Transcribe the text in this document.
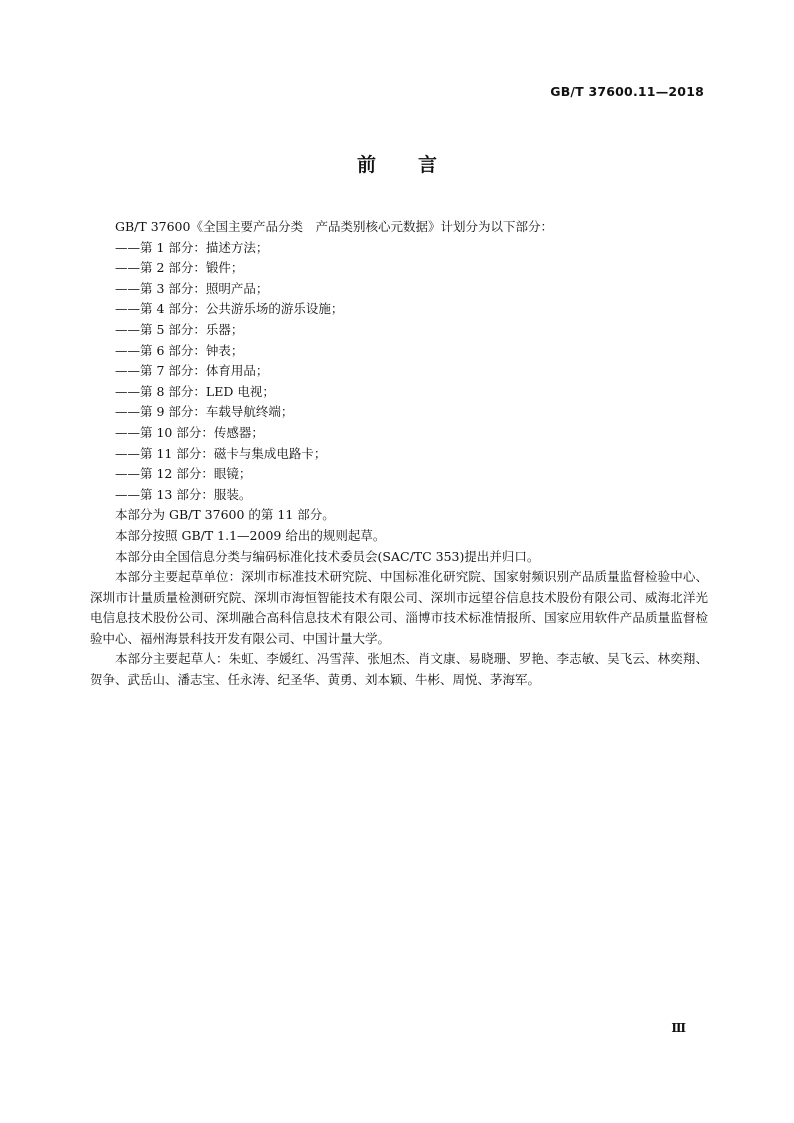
GB/T 37600.11—2018
前言

GB/T 37600《全国主要产品分类　产品类别核心元数据》计划分为以下部分：

——第 1 部分：描述方法；

——第 2 部分：锻件；

——第 3 部分：照明产品；

——第 4 部分：公共游乐场的游乐设施；

——第 5 部分：乐器；

——第 6 部分：钟表；

——第 7 部分：体育用品；

——第 8 部分：LED 电视；

——第 9 部分：车载导航终端；

——第 10 部分：传感器；

——第 11 部分：磁卡与集成电路卡；

——第 12 部分：眼镜；

——第 13 部分：服装。

本部分为 GB/T 37600 的第 11 部分。

本部分按照 GB/T 1.1—2009 给出的规则起草。

本部分由全国信息分类与编码标准化技术委员会(SAC/TC 353)提出并归口。

本部分主要起草单位：深圳市标准技术研究院、中国标准化研究院、国家射频识别产品质量监督检验中心、深圳市计量质量检测研究院、深圳市海恒智能技术有限公司、深圳市远望谷信息技术股份有限公司、威海北洋光电信息技术股份公司、深圳融合高科信息技术有限公司、淄博市技术标准情报所、国家应用软件产品质量监督检验中心、福州海景科技开发有限公司、中国计量大学。

本部分主要起草人：朱虹、李媛红、冯雪萍、张旭杰、肖文康、易晓珊、罗艳、李志敏、吴飞云、林奕翔、贺争、武岳山、潘志宝、任永涛、纪圣华、黄勇、刘本颖、牛彬、周悦、茅海军。

Ⅲ
